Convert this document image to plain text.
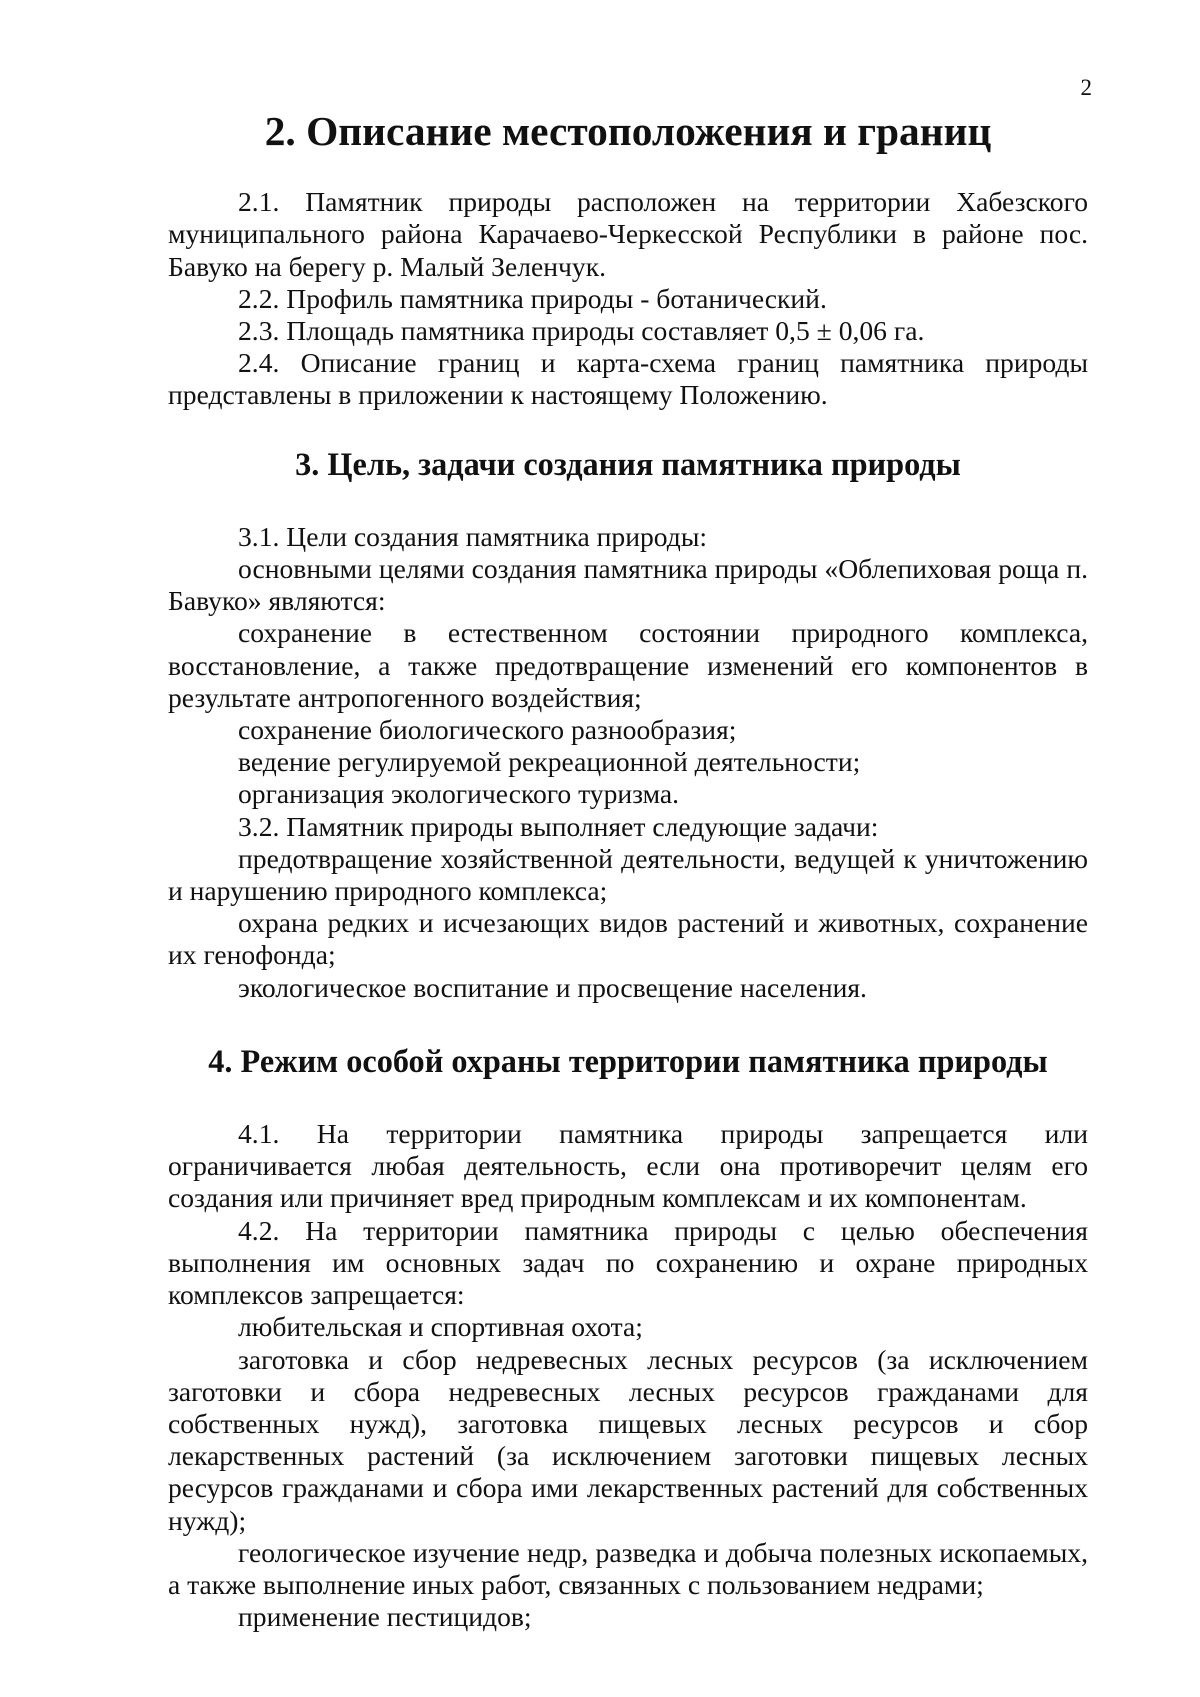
2
2. Описание местоположения и границ

2.1. Памятник природы расположен на территории Хабезского муниципального района Карачаево-Черкесской Республики в районе пос. Бавуко на берегу р. Малый Зеленчук.

2.2. Профиль памятника природы - ботанический.

2.3. Площадь памятника природы составляет 0,5 ± 0,06 га.

2.4. Описание границ и карта-схема границ памятника природы представлены в приложении к настоящему Положению.

3. Цель, задачи создания памятника природы

3.1. Цели создания памятника природы:

основными целями создания памятника природы «Облепиховая роща п. Бавуко» являются:

сохранение в естественном состоянии природного комплекса, восстановление, а также предотвращение изменений его компонентов в результате антропогенного воздействия;

сохранение биологического разнообразия;

ведение регулируемой рекреационной деятельности;

организация экологического туризма.

3.2. Памятник природы выполняет следующие задачи:

предотвращение хозяйственной деятельности, ведущей к уничтожению и нарушению природного комплекса;

охрана редких и исчезающих видов растений и животных, сохранение их генофонда;

экологическое воспитание и просвещение населения.

4. Режим особой охраны территории памятника природы

4.1. На территории памятника природы запрещается или ограничивается любая деятельность, если она противоречит целям его создания или причиняет вред природным комплексам и их компонентам.

4.2. На территории памятника природы с целью обеспечения выполнения им основных задач по сохранению и охране природных комплексов запрещается:

любительская и спортивная охота;

заготовка и сбор недревесных лесных ресурсов (за исключением заготовки и сбора недревесных лесных ресурсов гражданами для собственных нужд), заготовка пищевых лесных ресурсов и сбор лекарственных растений (за исключением заготовки пищевых лесных ресурсов гражданами и сбора ими лекарственных растений для собственных нужд);

геологическое изучение недр, разведка и добыча полезных ископаемых, а также выполнение иных работ, связанных с пользованием недрами;

применение пестицидов;
